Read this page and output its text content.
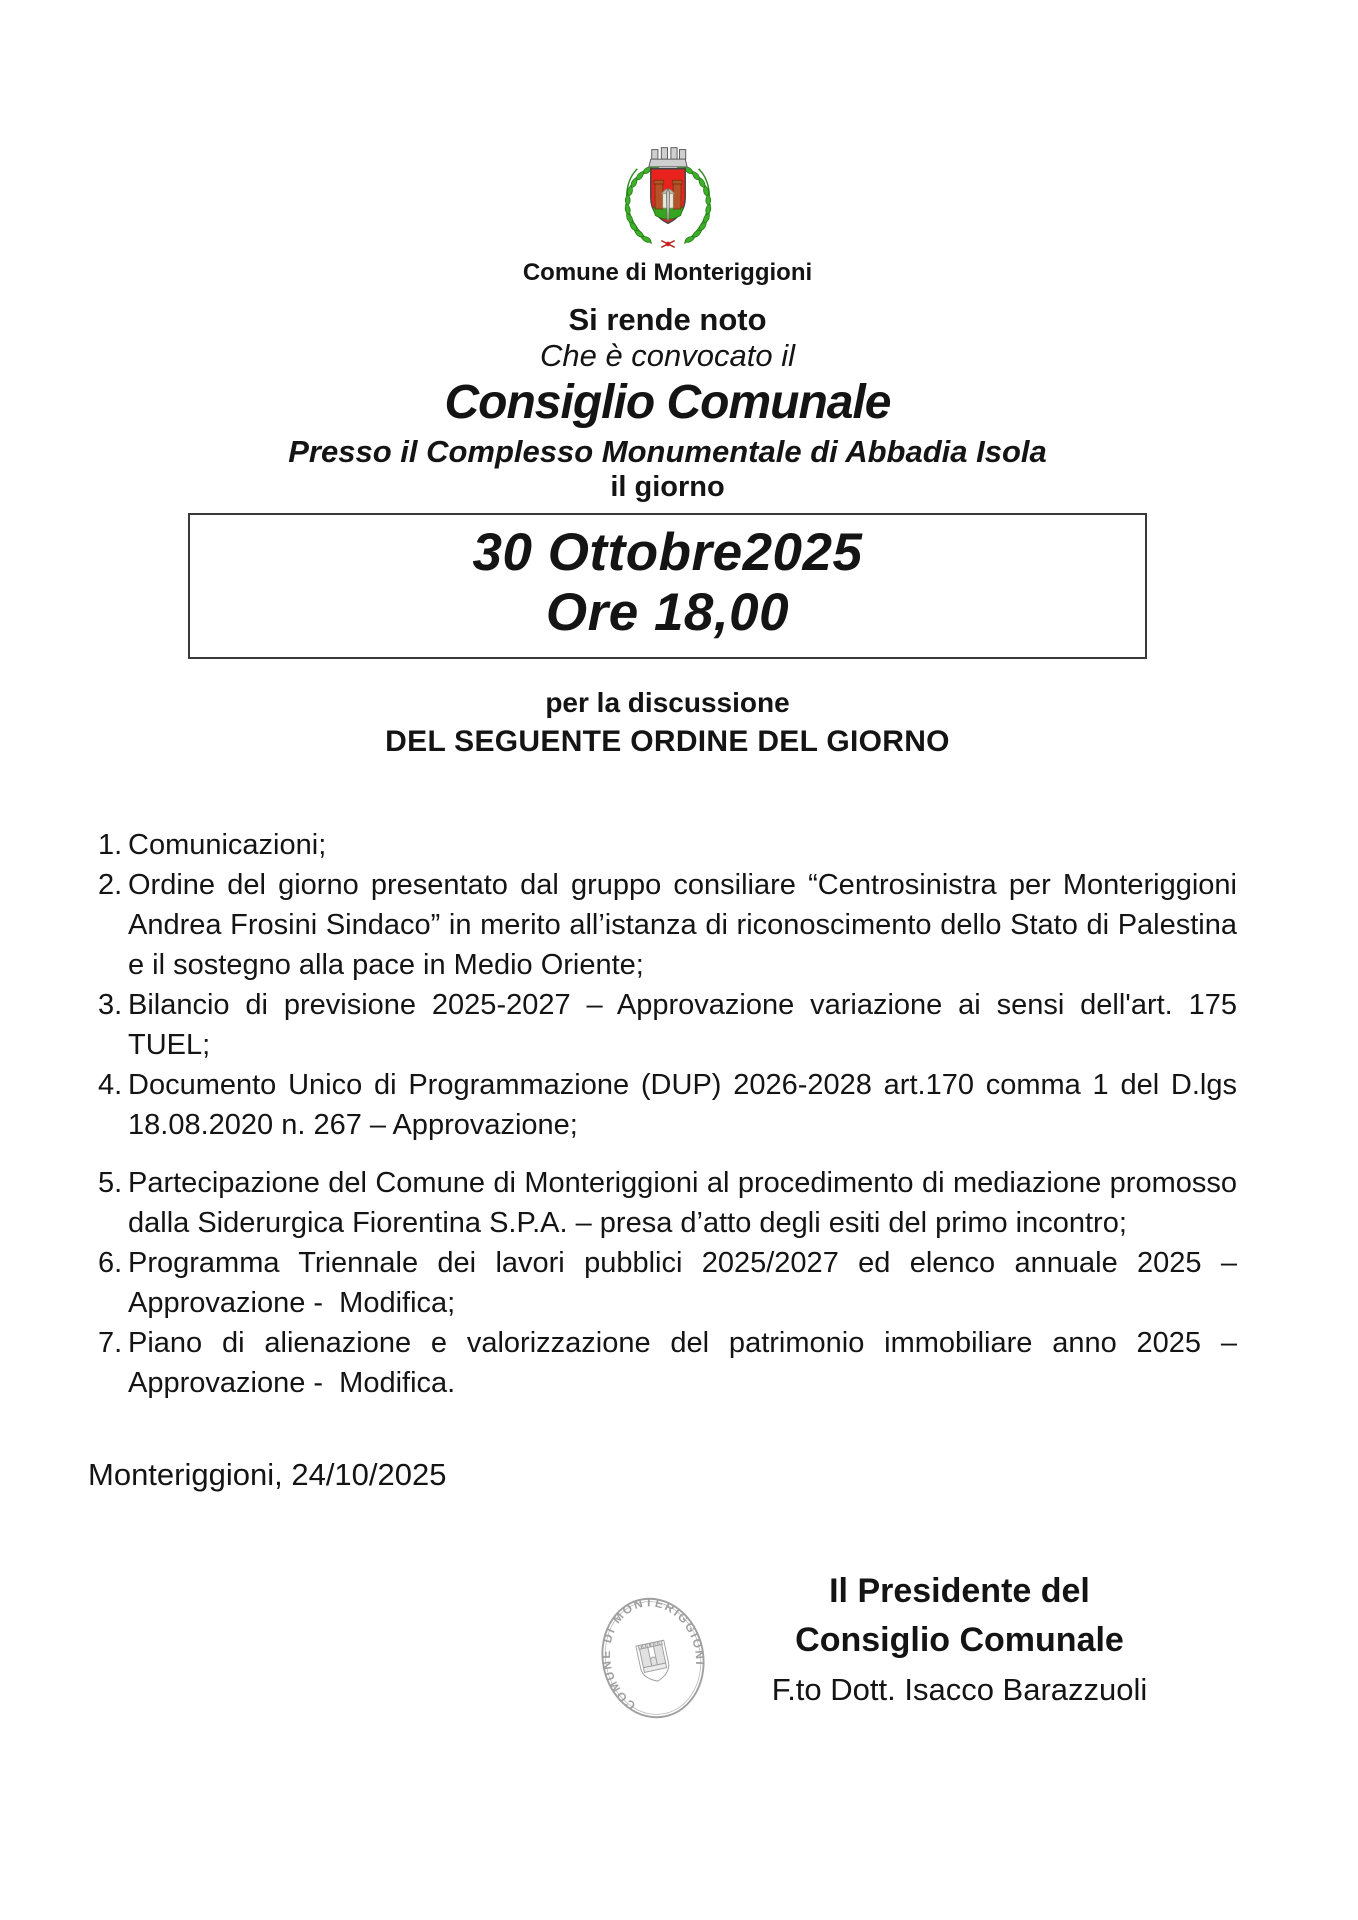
Comune di Monteriggioni
Si rende noto
Che è convocato il
Consiglio Comunale
Presso il Complesso Monumentale di Abbadia Isola
il giorno
30 Ottobre2025
Ore 18,00
per la discussione
DEL SEGUENTE ORDINE DEL GIORNO
1. Comunicazioni;
2. Ordine del giorno presentato dal gruppo consiliare “Centrosinistra per Monteriggioni Andrea Frosini Sindaco” in merito all’istanza di riconoscimento dello Stato di Palestina e il sostegno alla pace in Medio Oriente;
3. Bilancio di previsione 2025-2027 – Approvazione variazione ai sensi dell'art. 175 TUEL;
4. Documento Unico di Programmazione (DUP) 2026-2028 art.170 comma 1 del D.lgs 18.08.2020 n. 267 – Approvazione;
5. Partecipazione del Comune di Monteriggioni al procedimento di mediazione promosso dalla Siderurgica Fiorentina S.P.A. – presa d’atto degli esiti del primo incontro;
6. Programma Triennale dei lavori pubblici 2025/2027 ed elenco annuale 2025 – Approvazione -  Modifica;
7. Piano di alienazione e valorizzazione del patrimonio immobiliare anno 2025 – Approvazione -  Modifica.
Monteriggioni, 24/10/2025
COMUNE DI MONTERIGGIONI
Il Presidente del
Consiglio Comunale
F.to Dott. Isacco Barazzuoli
